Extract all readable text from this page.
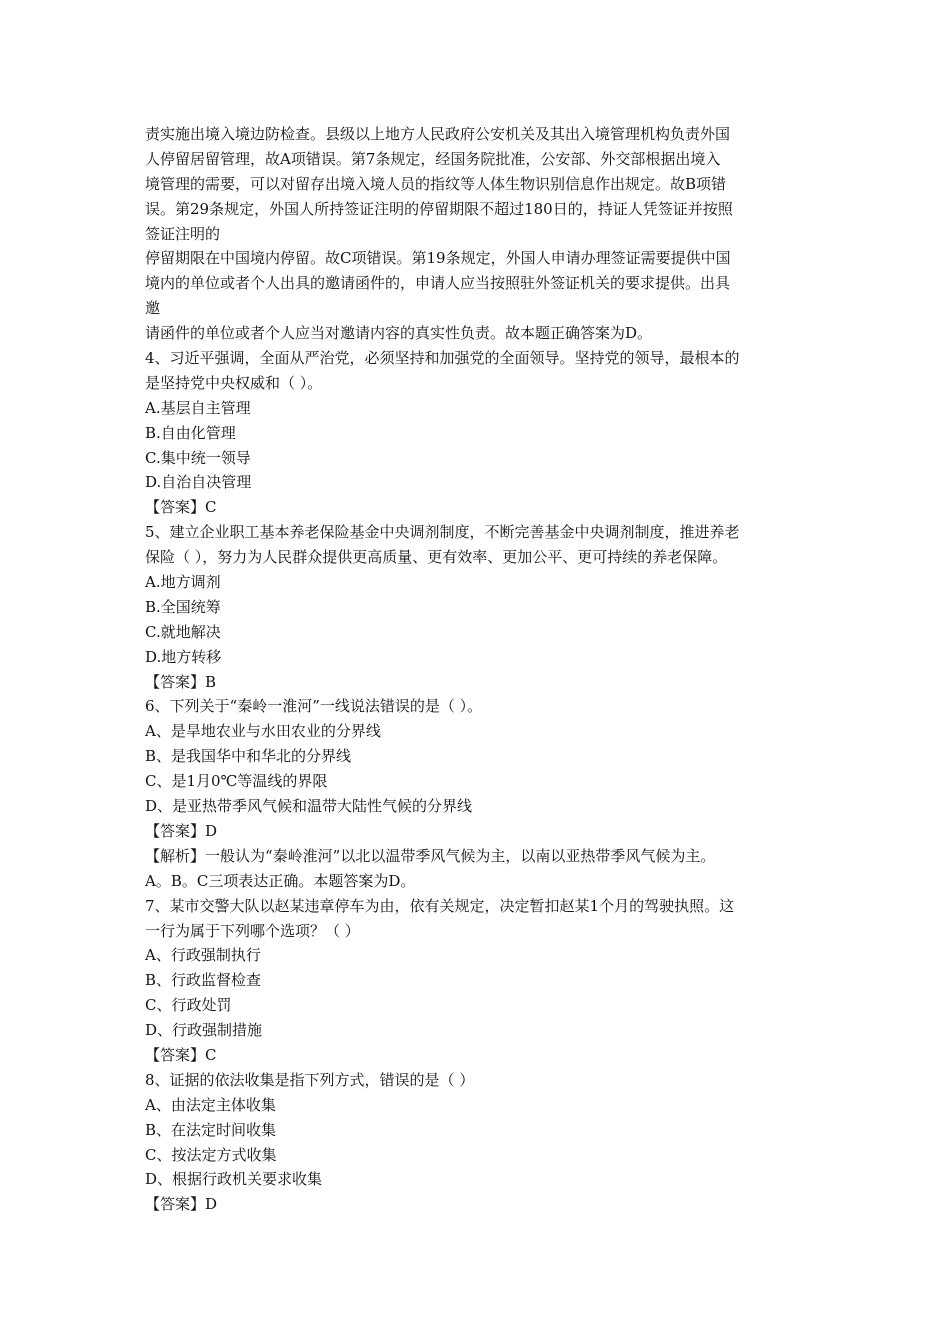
责实施出境入境边防检查。县级以上地方人民政府公安机关及其出入境管理机构负责外国
人停留居留管理，故A项错误。第7条规定，经国务院批准，公安部、外交部根据出境入
境管理的需要，可以对留存出境入境人员的指纹等人体生物识别信息作出规定。故B项错
误。第29条规定，外国人所持签证注明的停留期限不超过180日的，持证人凭签证并按照
签证注明的
停留期限在中国境内停留。故C项错误。第19条规定，外国人申请办理签证需要提供中国
境内的单位或者个人出具的邀请函件的，申请人应当按照驻外签证机关的要求提供。出具
邀
请函件的单位或者个人应当对邀请内容的真实性负责。故本题正确答案为D。
4、习近平强调，全面从严治党，必须坚持和加强党的全面领导。坚持党的领导，最根本的
是坚持党中央权威和（ ）。
A.基层自主管理
B.自由化管理
C.集中统一领导
D.自治自决管理
【答案】C
5、建立企业职工基本养老保险基金中央调剂制度，不断完善基金中央调剂制度，推进养老
保险（ ），努力为人民群众提供更高质量、更有效率、更加公平、更可持续的养老保障。
A.地方调剂
B.全国统筹
C.就地解决
D.地方转移
【答案】B
6、下列关于“秦岭一淮河”一线说法错误的是（ ）。
A、是旱地农业与水田农业的分界线
B、是我国华中和华北的分界线
C、是1月0℃等温线的界限
D、是亚热带季风气候和温带大陆性气候的分界线
【答案】D
【解析】一般认为“秦岭淮河”以北以温带季风气候为主，以南以亚热带季风气候为主。
A。B。C三项表达正确。本题答案为D。
7、某市交警大队以赵某违章停车为由，依有关规定，决定暂扣赵某1个月的驾驶执照。这
一行为属于下列哪个选项？（ ）
A、行政强制执行
B、行政监督检查
C、行政处罚
D、行政强制措施
【答案】C
8、证据的依法收集是指下列方式，错误的是（ ）
A、由法定主体收集
B、在法定时间收集
C、按法定方式收集
D、根据行政机关要求收集
【答案】D
